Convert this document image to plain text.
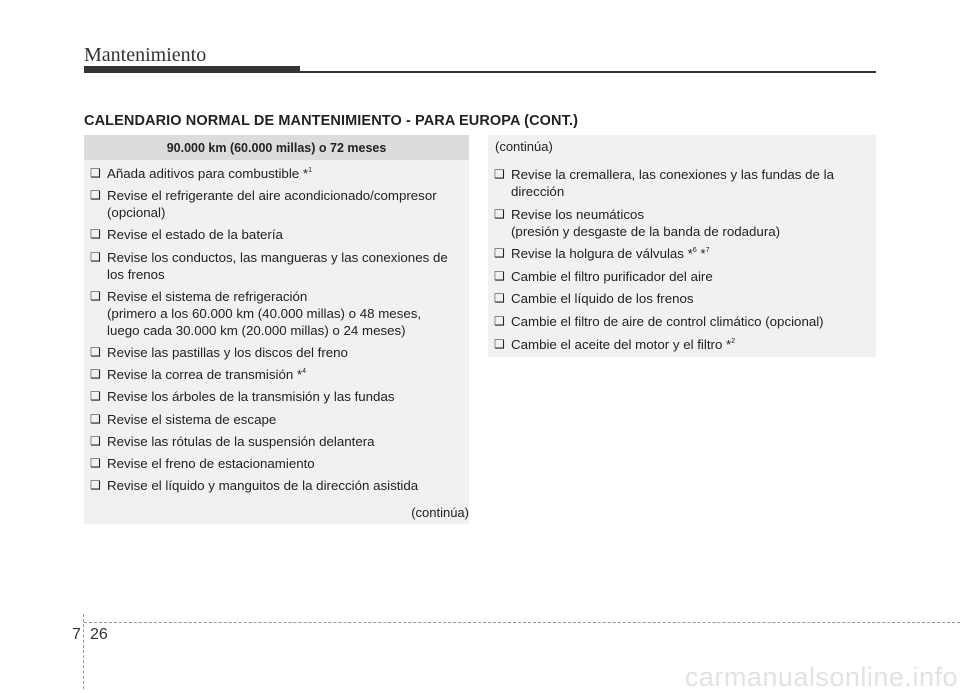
Mantenimiento
CALENDARIO NORMAL DE MANTENIMIENTO - PARA EUROPA (CONT.)
90.000 km (60.000 millas) o 72 meses
❑ Añada aditivos para combustible *$^1$
❑ Revise el refrigerante del aire acondicionado/compresor
(opcional)
❑ Revise el estado de la batería
❑ Revise los conductos, las mangueras y las conexiones de
los frenos
❑ Revise el sistema de refrigeración
(primero a los 60.000 km (40.000 millas) o 48 meses,
luego cada 30.000 km (20.000 millas) o 24 meses)
❑ Revise las pastillas y los discos del freno
❑ Revise la correa de transmisión *$^4$
❑ Revise los árboles de la transmisión y las fundas
❑ Revise el sistema de escape
❑ Revise las rótulas de la suspensión delantera
❑ Revise el freno de estacionamiento
❑ Revise el líquido y manguitos de la dirección asistida
(continúa)
(continúa)
❑ Revise la cremallera, las conexiones y las fundas de la
dirección
❑ Revise los neumáticos
(presión y desgaste de la banda de rodadura)
❑ Revise la holgura de válvulas *$^6$ *$^7$
❑ Cambie el filtro purificador del aire
❑ Cambie el líquido de los frenos
❑ Cambie el filtro de aire de control climático (opcional)
❑ Cambie el aceite del motor y el filtro *$^2$
7 26
carmanualsonline.info
